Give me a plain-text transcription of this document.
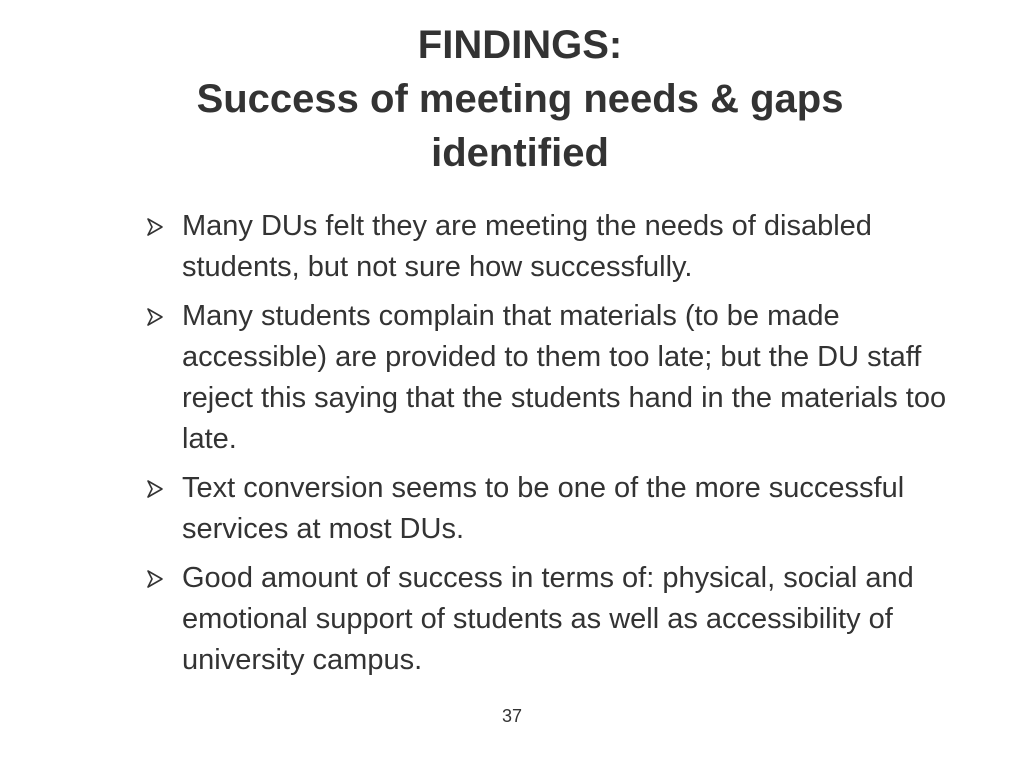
FINDINGS:
Success of meeting needs & gaps
identified
Many DUs felt they are meeting the needs of disabled students, but not sure how successfully.
Many students complain that materials (to be made accessible) are provided to them too late; but the DU staff reject this saying that the students hand in the materials too late.
Text conversion seems to be one of the more successful services at most DUs.
Good amount of success in terms of: physical, social and emotional support of students as well as accessibility of university campus.
37
